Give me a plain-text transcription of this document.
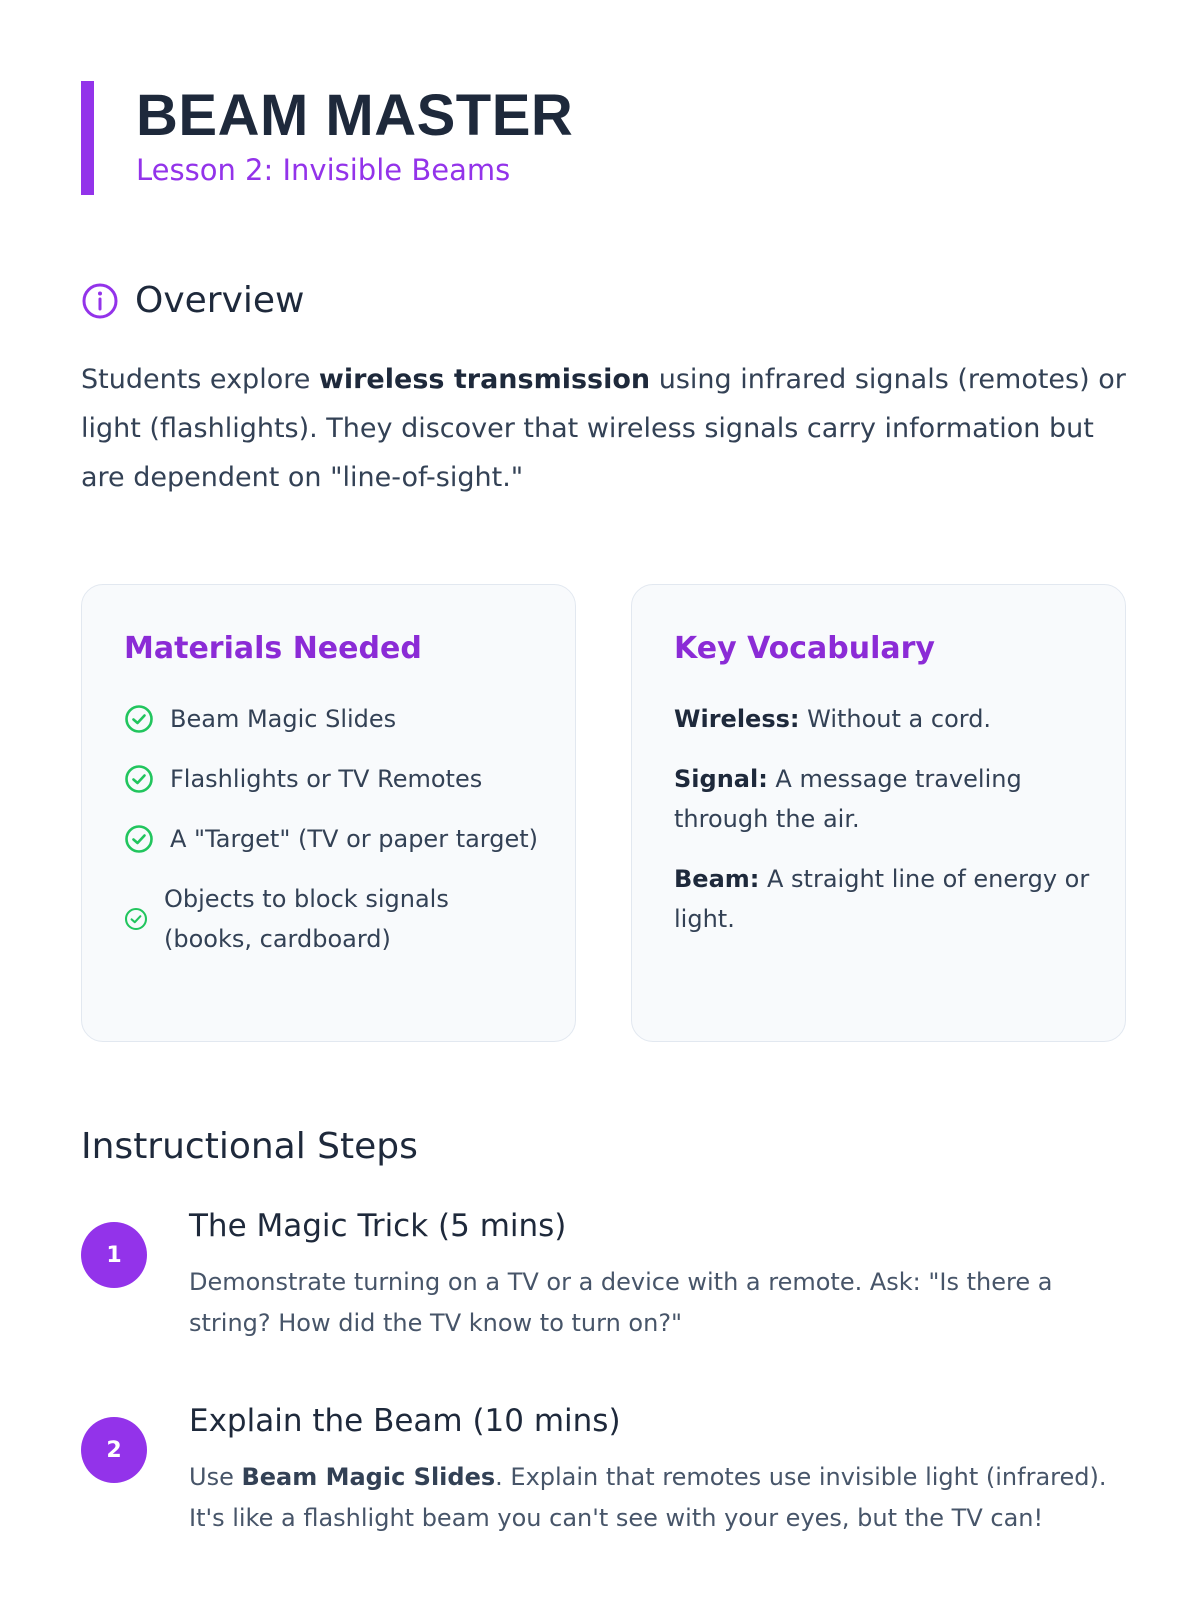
BEAM MASTER
Lesson 2: Invisible Beams
Overview

Students explore wireless transmission using infrared signals (remotes) or light (flashlights). They discover that wireless signals carry information but are dependent on "line-of-sight."

Materials Needed
Beam Magic Slides
Flashlights or TV Remotes
A "Target" (TV or paper target)
Objects to block signals (books, cardboard)
Key Vocabulary

Wireless: Without a cord.

Signal: A message traveling through the air.

Beam: A straight line of energy or light.

Instructional Steps
1
The Magic Trick (5 mins)

Demonstrate turning on a TV or a device with a remote. Ask: "Is there a string? How did the TV know to turn on?"

2
Explain the Beam (10 mins)

Use Beam Magic Slides. Explain that remotes use invisible light (infrared). It's like a flashlight beam you can't see with your eyes, but the TV can!
